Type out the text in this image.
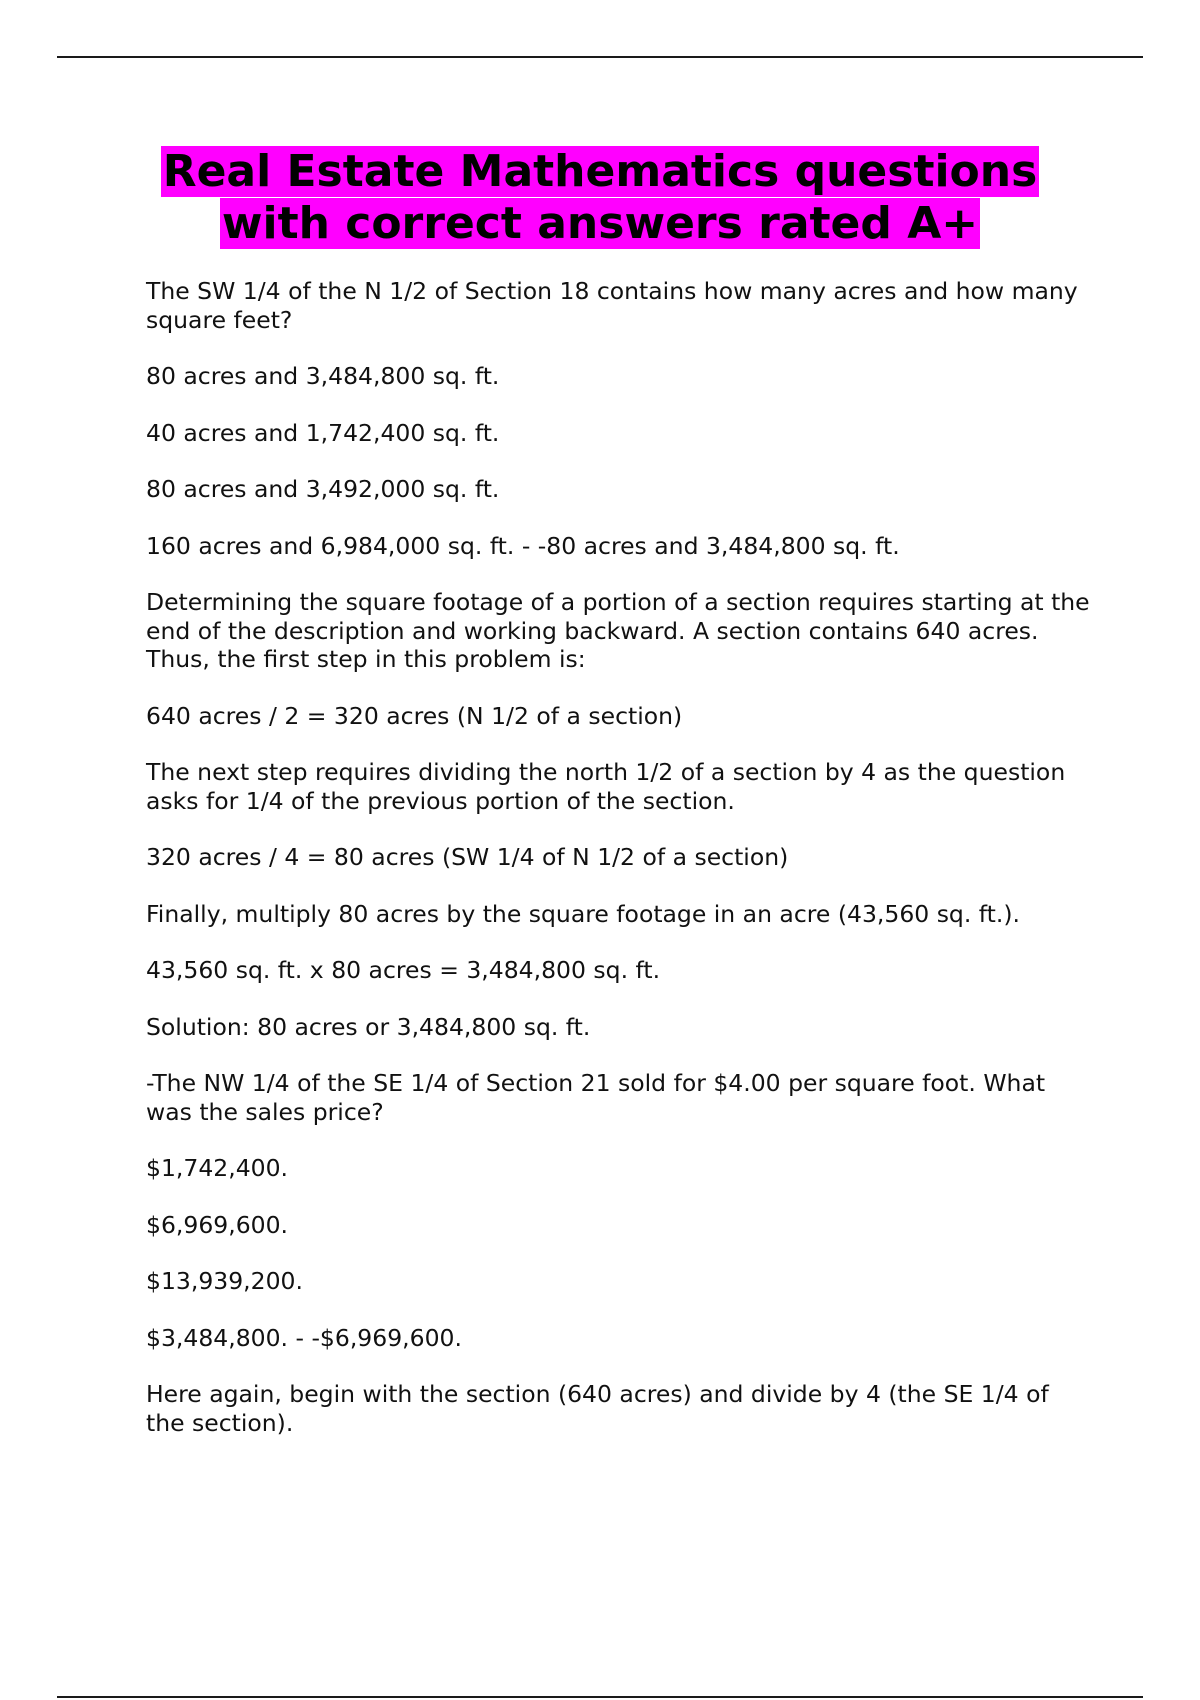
Real Estate Mathematics questions
with correct answers rated A+

The SW 1/4 of the N 1/2 of Section 18 contains how many acres and how many square feet?

80 acres and 3,484,800 sq. ft.

40 acres and 1,742,400 sq. ft.

80 acres and 3,492,000 sq. ft.

160 acres and 6,984,000 sq. ft. - -80 acres and 3,484,800 sq. ft.

Determining the square footage of a portion of a section requires starting at the end of the description and working backward. A section contains 640 acres. Thus, the first step in this problem is:

640 acres / 2 = 320 acres (N 1/2 of a section)

The next step requires dividing the north 1/2 of a section by 4 as the question asks for 1/4 of the previous portion of the section.

320 acres / 4 = 80 acres (SW 1/4 of N 1/2 of a section)

Finally, multiply 80 acres by the square footage in an acre (43,560 sq. ft.).

43,560 sq. ft. x 80 acres = 3,484,800 sq. ft.

Solution: 80 acres or 3,484,800 sq. ft.

-The NW 1/4 of the SE 1/4 of Section 21 sold for $4.00 per square foot. What was the sales price?

$1,742,400.

$6,969,600.

$13,939,200.

$3,484,800. - -$6,969,600.

Here again, begin with the section (640 acres) and divide by 4 (the SE 1/4 of the section).
